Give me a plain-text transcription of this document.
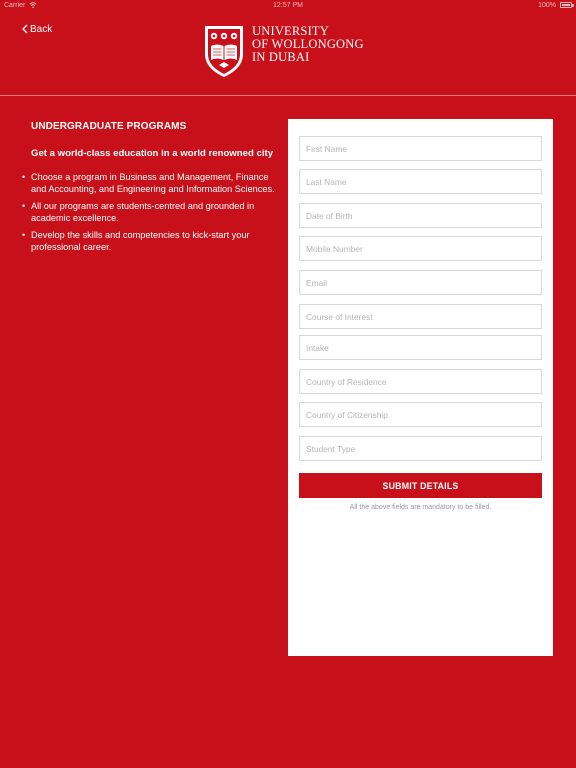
Carrier	12:57 PM	100%
Back	UNIVERSITY
OF WOLLONGONG
IN DUBAI
UNDERGRADUATE PROGRAMS

Get a world-class education in a world renowned city

• Choose a program in Business and Management, Finance and Accounting, and Engineering and Information Sciences.
• All our programs are students-centred and grounded in academic excellence.
• Develop the skills and competencies to kick-start your professional career.
First Name
Last Name
Date of Birth
Mobile Number
Email
Course of Interest
Intake
Country of Residence
Country of Citizenship
Student Type
SUBMIT DETAILS
All the above fields are mandatory to be filled.
